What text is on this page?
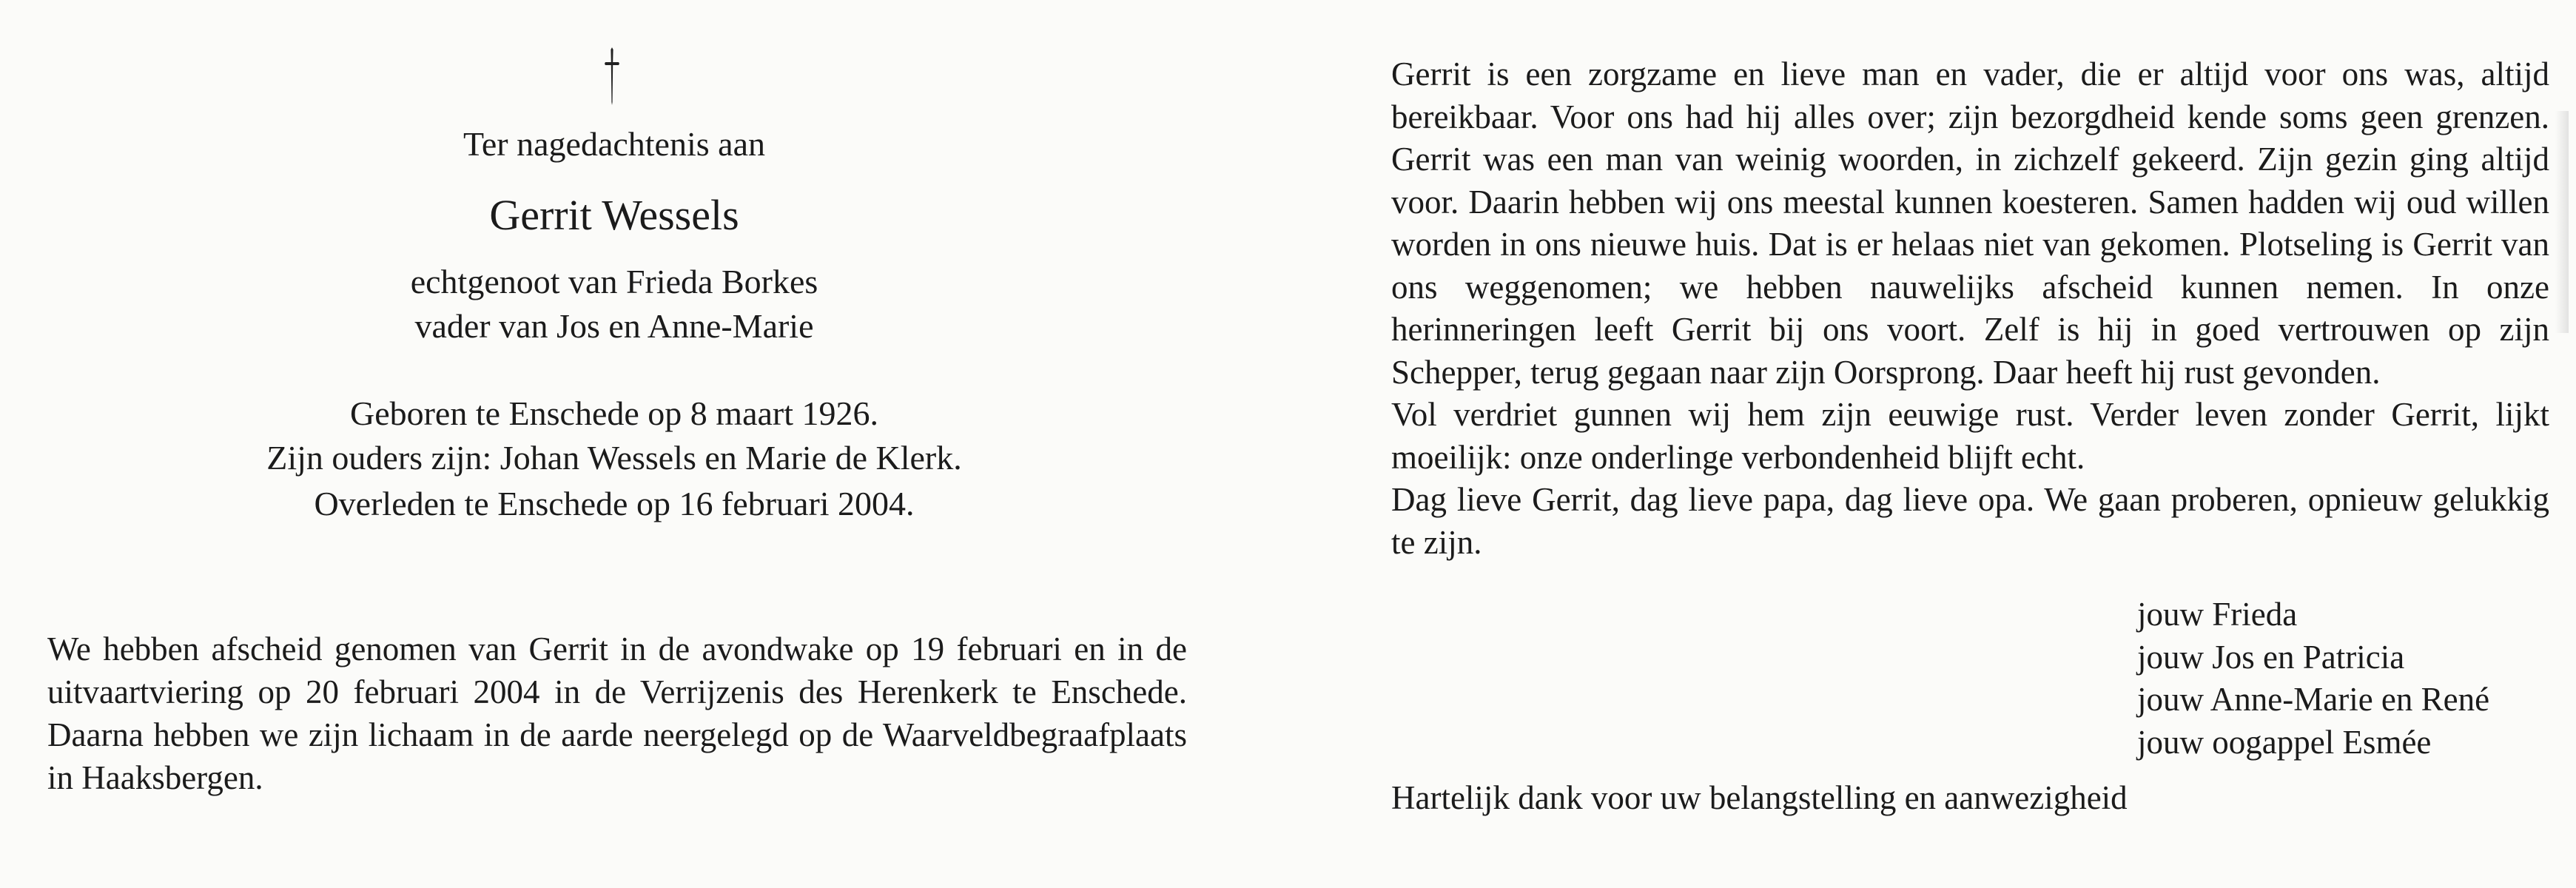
Ter nagedachtenis aan
Gerrit Wessels
echtgenoot van Frieda Borkes
vader van Jos en Anne-Marie
Geboren te Enschede op 8 maart 1926.
Zijn ouders zijn: Johan Wessels en Marie de Klerk.
Overleden te Enschede op 16 februari 2004.
We hebben afscheid genomen van Gerrit in de avondwake op 19 februari en in de uitvaartviering op 20 februari 2004 in de Verrijzenis des Herenkerk te Enschede. Daarna hebben we zijn lichaam in de aarde neergelegd op de Waarveldbegraafplaats in Haaksbergen.

Gerrit is een zorgzame en lieve man en vader, die er altijd voor ons was, altijd bereikbaar. Voor ons had hij alles over; zijn bezorgdheid kende soms geen grenzen. Gerrit was een man van weinig woorden, in zichzelf gekeerd. Zijn gezin ging altijd voor. Daarin hebben wij ons meestal kunnen koesteren. Samen hadden wij oud willen worden in ons nieuwe huis. Dat is er helaas niet van gekomen. Plotseling is Gerrit van ons weggenomen; we hebben nauwelijks afscheid kunnen nemen. In onze herinneringen leeft Gerrit bij ons voort. Zelf is hij in goed vertrouwen op zijn Schepper, terug gegaan naar zijn Oorsprong. Daar heeft hij rust gevonden.

Vol verdriet gunnen wij hem zijn eeuwige rust. Verder leven zonder Gerrit, lijkt moeilijk: onze onderlinge verbondenheid blijft echt.

Dag lieve Gerrit, dag lieve papa, dag lieve opa. We gaan proberen, opnieuw gelukkig te zijn.

jouw Frieda
jouw Jos en Patricia
jouw Anne-Marie en René
jouw oogappel Esmée
Hartelijk dank voor uw belangstelling en aanwezigheid
